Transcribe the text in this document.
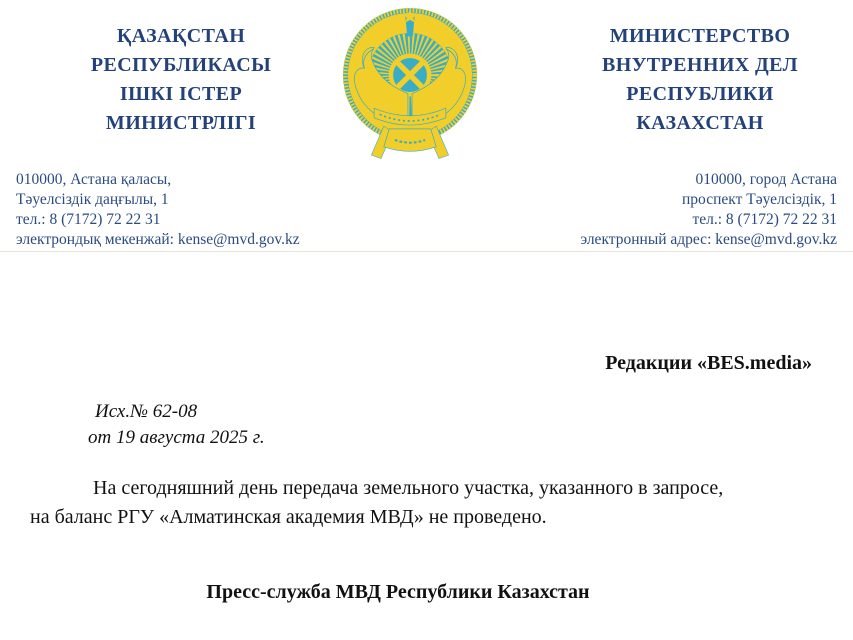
ҚАЗАҚСТАН
РЕСПУБЛИКАСЫ
ІШКІ ІСТЕР
МИНИСТРЛІГІ
МИНИСТЕРСТВО
ВНУТРЕННИХ ДЕЛ
РЕСПУБЛИКИ
КАЗАХСТАН
010000, Астана қаласы,
Тәуелсіздік даңғылы, 1
тел.: 8 (7172) 72 22 31
электрондық мекенжай: kense@mvd.gov.kz
010000, город Астана
проспект Тәуелсіздік, 1
тел.: 8 (7172) 72 22 31
электронный адрес: kense@mvd.gov.kz
Редакции «BES.media»
Исх.№ 62-08
от 19 августа 2025 г.
На сегодняшний день передача земельного участка, указанного в запросе,
на баланс РГУ «Алматинская академия МВД» не проведено.
Пресс-служба МВД Республики Казахстан
